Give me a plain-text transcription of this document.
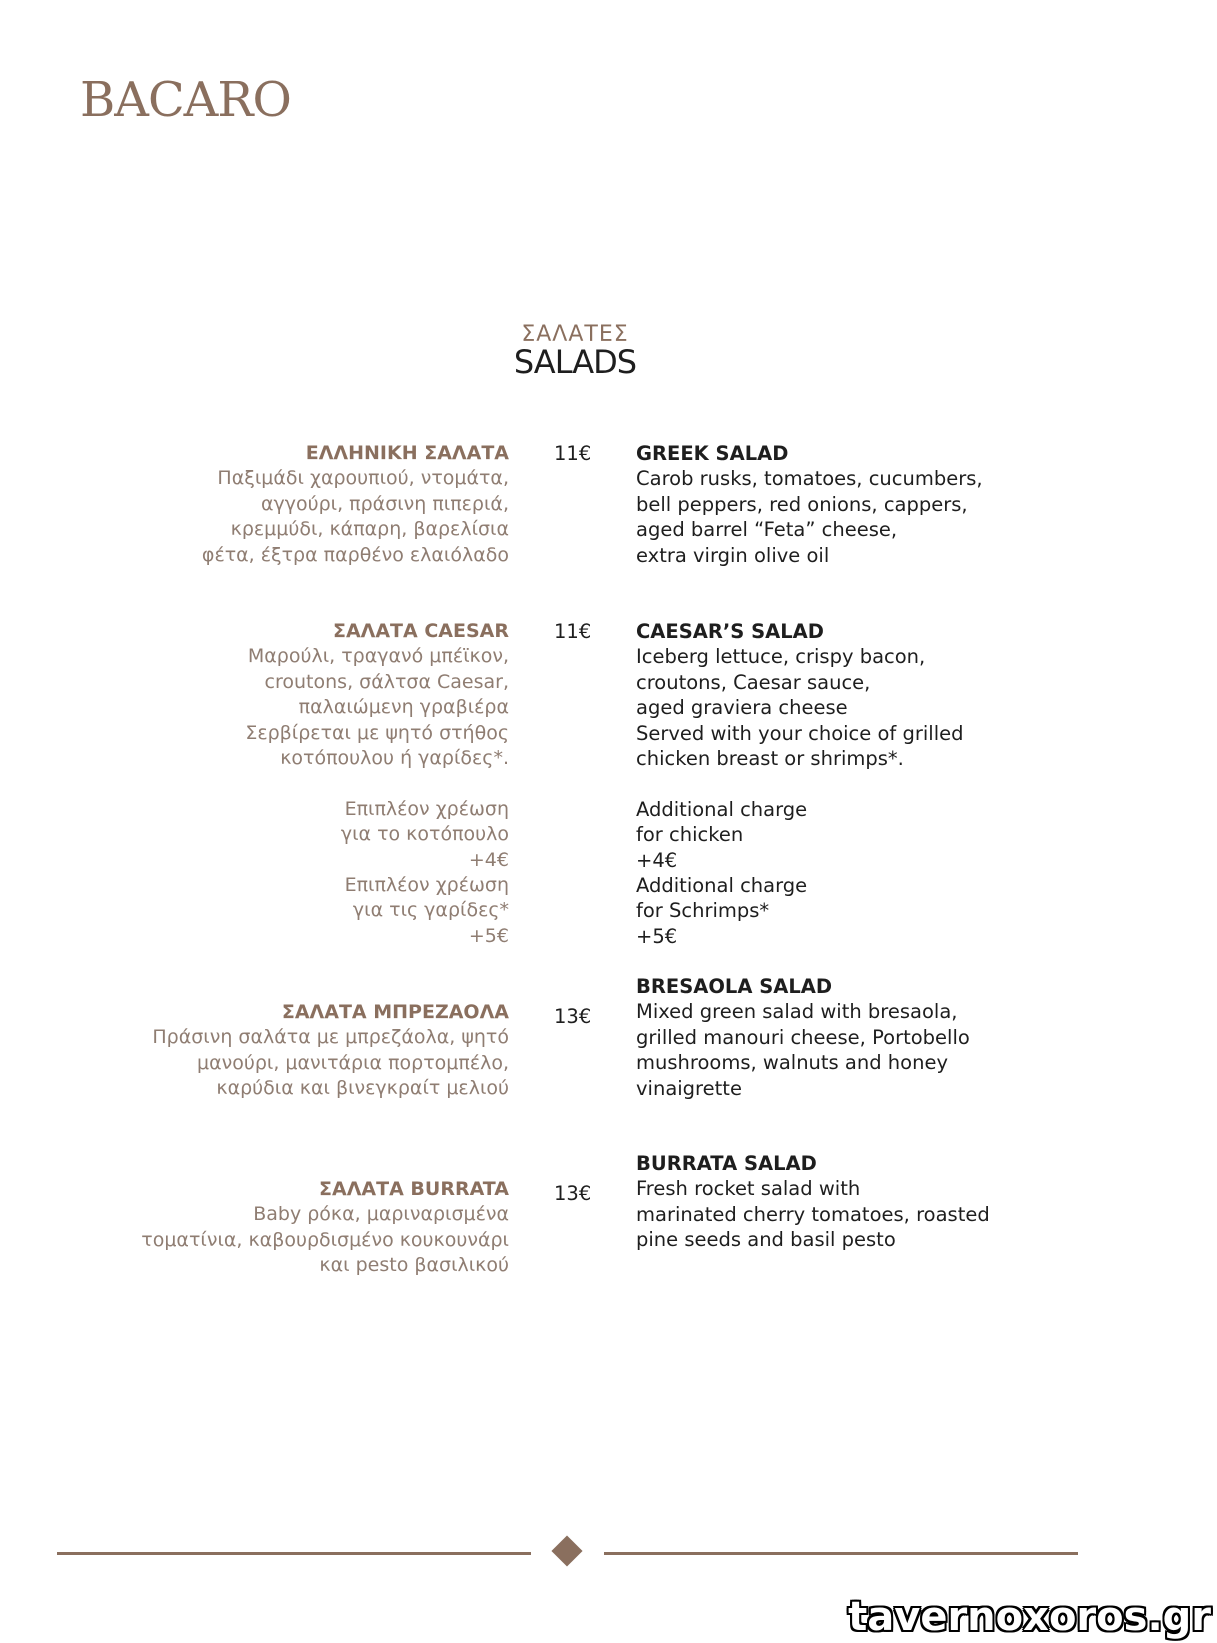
BACARO
ΣΑΛΑΤΕΣ
SALADS
ΕΛΛΗΝΙΚΗ ΣΑΛΑΤΑ
Παξιμάδι χαρουπιού, ντομάτα,
αγγούρι, πράσινη πιπεριά,
κρεμμύδι, κάπαρη, βαρελίσια
φέτα, έξτρα παρθένο ελαιόλαδο
11€	GREEK SALAD
Carob rusks, tomatoes, cucumbers,
bell peppers, red onions, cappers,
aged barrel “Feta” cheese,
extra virgin olive oil
ΣΑΛΑΤΑ CAESAR
Μαρούλι, τραγανό μπέϊκον,
croutons, σάλτσα Caesar,
παλαιώμενη γραβιέρα
Σερβίρεται με ψητό στήθος
κοτόπουλου ή γαρίδες*.
Επιπλέον χρέωση
για το κοτόπουλο
+4€
Επιπλέον χρέωση
για τις γαρίδες*
+5€
11€	CAESAR’S SALAD
Iceberg lettuce, crispy bacon,
croutons, Caesar sauce,
aged graviera cheese
Served with your choice of grilled
chicken breast or shrimps*.
Additional charge
for chicken
+4€
Additional charge
for Schrimps*
+5€
ΣΑΛΑΤΑ ΜΠΡΕΖΑΟΛΑ
Πράσινη σαλάτα με μπρεζάολα, ψητό
μανούρι, μανιτάρια πορτομπέλο,
καρύδια και βινεγκραίτ μελιού
13€
BRESAOLA SALAD
Mixed green salad with bresaola,
grilled manouri cheese, Portobello
mushrooms, walnuts and honey
vinaigrette
ΣΑΛΑΤΑ BURRATA
Baby ρόκα, μαριναρισμένα
τοματίνια, καβουρδισμένο κουκουνάρι
και pesto βασιλικού
13€
BURRATA SALAD
Fresh rocket salad with
marinated cherry tomatoes, roasted
pine seeds and basil pesto
tavernoxoros.gr
